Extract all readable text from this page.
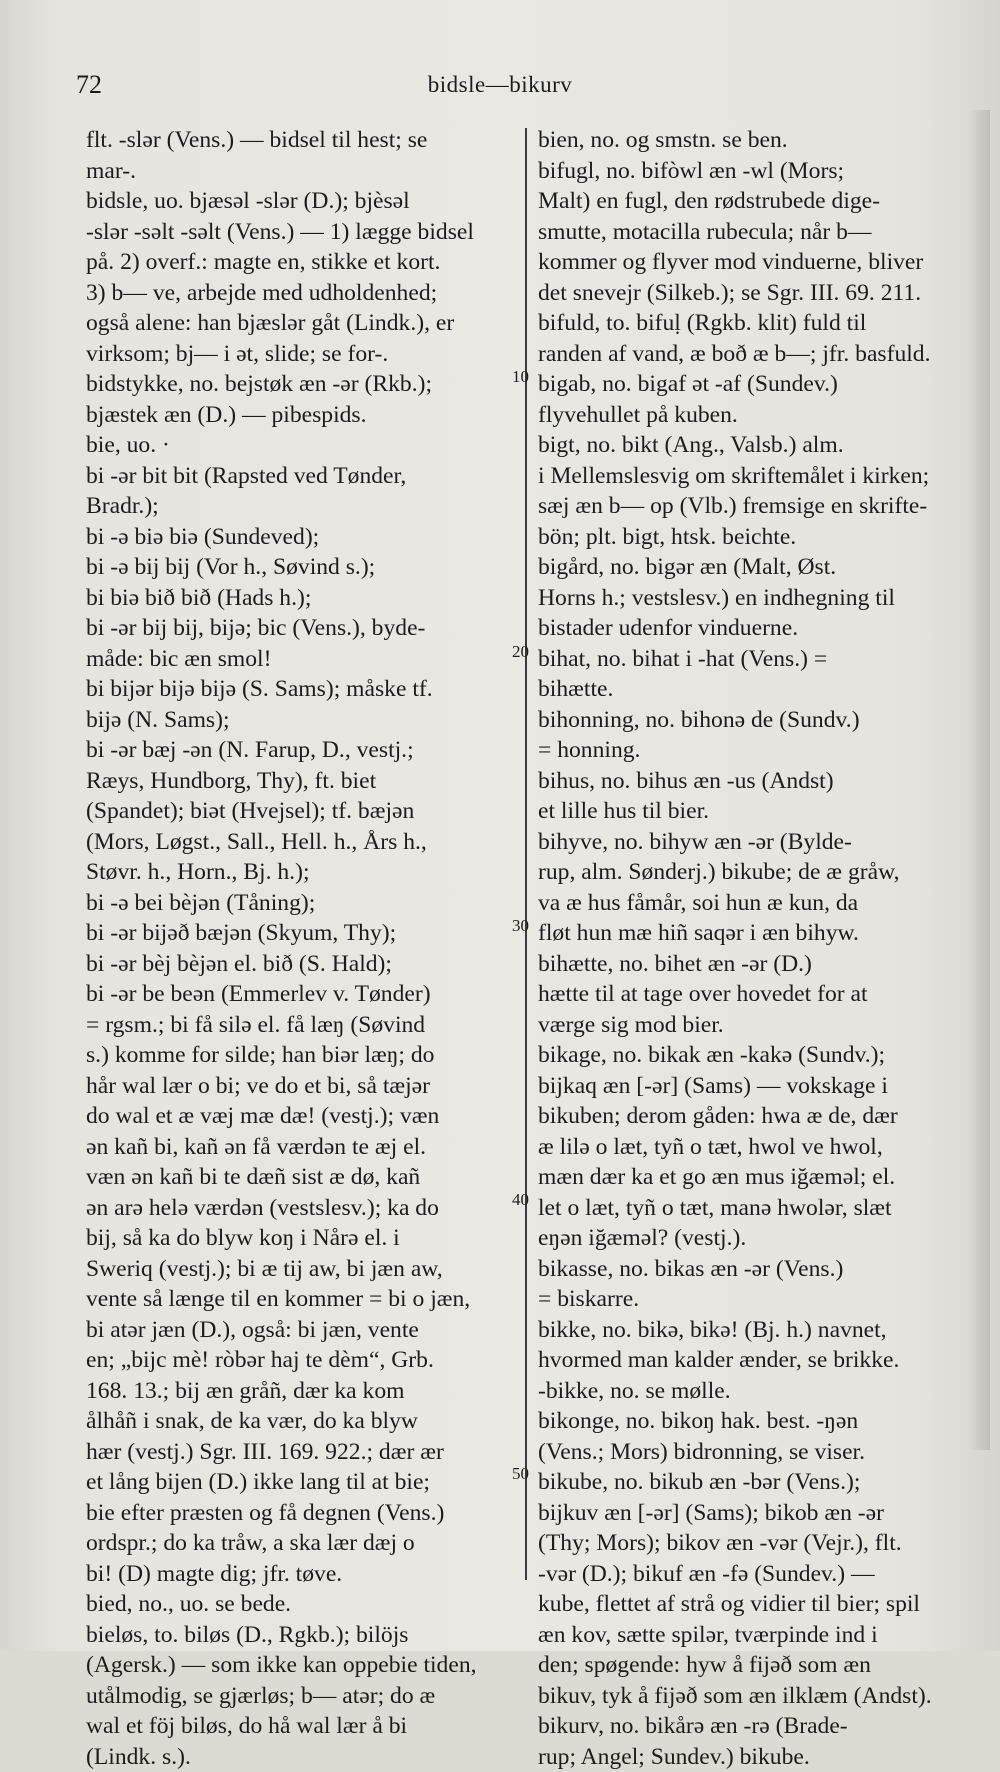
72	bidsle—bikurv

flt. -slər (Vens.) — bidsel til hest; se

mar-.

bidsle, uo. bjæsəl -slər (D.); bjèsəl

-slər -səlt -səlt (Vens.) — 1) lægge bidsel

på. 2) overf.: magte en, stikke et kort.

3) b— ve, arbejde med udholdenhed;

også alene: han bjæslər gåt (Lindk.), er

virksom; bj— i ət, slide; se for-.

bidstykke, no. bejstøk æn -ər (Rkb.);

bjæstek æn (D.) — pibespids.

bie, uo. ·

bi -ər bit bit (Rapsted ved Tønder,

Bradr.);

bi -ə biə biə (Sundeved);

bi -ə bij bij (Vor h., Søvind s.);

bi biə bið bið (Hads h.);

bi -ər bij bij, bijə; bic (Vens.), byde-

måde: bic æn smol!

bi bijər bijə bijə (S. Sams); måske tf.

bijə (N. Sams);

bi -ər bæj -ən (N. Farup, D., vestj.;

Ræys, Hundborg, Thy), ft. biet

(Spandet); biət (Hvejsel); tf. bæjən

(Mors, Løgst., Sall., Hell. h., Års h.,

Støvr. h., Horn., Bj. h.);

bi -ə bei bèjən (Tåning);

bi -ər bijəð bæjən (Skyum, Thy);

bi -ər bèj bèjən el. bið (S. Hald);

bi -ər be beən (Emmerlev v. Tønder)

= rgsm.; bi få silə el. få læŋ (Søvind

s.) komme for silde; han biər læŋ; do

hår wal lær o bi; ve do et bi, så tæjər

do wal et æ væj mæ dæ! (vestj.); væn

ən kañ bi, kañ ən få værdən te æj el.

væn ən kañ bi te dæñ sist æ dø, kañ

ən arə helə værdən (vestslesv.); ka do

bij, så ka do blyw koŋ i Nårə el. i

Sweriq (vestj.); bi æ tij aw, bi jæn aw,

vente så længe til en kommer = bi o jæn,

bi atər jæn (D.), også: bi jæn, vente

en; „bijc mè! ròbər haj te dèm“, Grb.

168. 13.; bij æn gråñ, dær ka kom

ålhåñ i snak, de ka vær, do ka blyw

hær (vestj.) Sgr. III. 169. 922.; dær ær

et lång bijen (D.) ikke lang til at bie;

bie efter præsten og få degnen (Vens.)

ordspr.; do ka tråw, a ska lær dæj o

bi! (D) magte dig; jfr. tøve.

bied, no., uo. se bede.

bieløs, to. biløs (D., Rgkb.); bilöjs

(Agersk.) — som ikke kan oppebie tiden,

utålmodig, se gjærløs; b— atər; do æ

wal et föj biløs, do hå wal lær å bi

(Lindk. s.).

bien, no. og smstn. se ben.

bifugl, no. bifòwl æn -wl (Mors;

Malt) en fugl, den rødstrubede dige-

smutte, motacilla rubecula; når b—

kommer og flyver mod vinduerne, bliver

det snevejr (Silkeb.); se Sgr. III. 69. 211.

bifuld, to. bifuḷ (Rgkb. klit) fuld til

randen af vand, æ boð æ b—; jfr. basfuld.

bigab, no. bigaf ət -af (Sundev.)

flyvehullet på kuben.

bigt, no. bikt (Ang., Valsb.) alm.

i Mellemslesvig om skriftemålet i kirken;

sæj æn b— op (Vlb.) fremsige en skrifte-

bön; plt. bigt, htsk. beichte.

bigård, no. bigər æn (Malt, Øst.

Horns h.; vestslesv.) en indhegning til

bistader udenfor vinduerne.

bihat, no. bihat i -hat (Vens.) =

bihætte.

bihonning, no. bihonə de (Sundv.)

= honning.

bihus, no. bihus æn -us (Andst)

et lille hus til bier.

bihyve, no. bihyw æn -ər (Bylde-

rup, alm. Sønderj.) bikube; de æ gråw,

va æ hus fåmår, soi hun æ kun, da

fløt hun mæ hiñ saqər i æn bihyw.

bihætte, no. bihet æn -ər (D.)

hætte til at tage over hovedet for at

værge sig mod bier.

bikage, no. bikak æn -kakə (Sundv.);

bijkaq æn [-ər] (Sams) — vokskage i

bikuben; derom gåden: hwa æ de, dær

æ lilə o læt, tyñ o tæt, hwol ve hwol,

mæn dær ka et go æn mus iğæməl; el.

let o læt, tyñ o tæt, manə hwolər, slæt

eŋən iğæməl? (vestj.).

bikasse, no. bikas æn -ər (Vens.)

= biskarre.

bikke, no. bikə, bikə! (Bj. h.) navnet,

hvormed man kalder ænder, se brikke.

-bikke, no. se mølle.

bikonge, no. bikoŋ hak. best. -ŋən

(Vens.; Mors) bidronning, se viser.

bikube, no. bikub æn -bər (Vens.);

bijkuv æn [-ər] (Sams); bikob æn -ər

(Thy; Mors); bikov æn -vər (Vejr.), flt.

-vər (D.); bikuf æn -fə (Sundev.) —

kube, flettet af strå og vidier til bier; spil

æn kov, sætte spilər, tværpinde ind i

den; spøgende: hyw å fijəð som æn

bikuv, tyk å fijəð som æn ilklæm (Andst).

bikurv, no. bikårə æn -rə (Brade-

rup; Angel; Sundev.) bikube.

10
20
30
40
50
